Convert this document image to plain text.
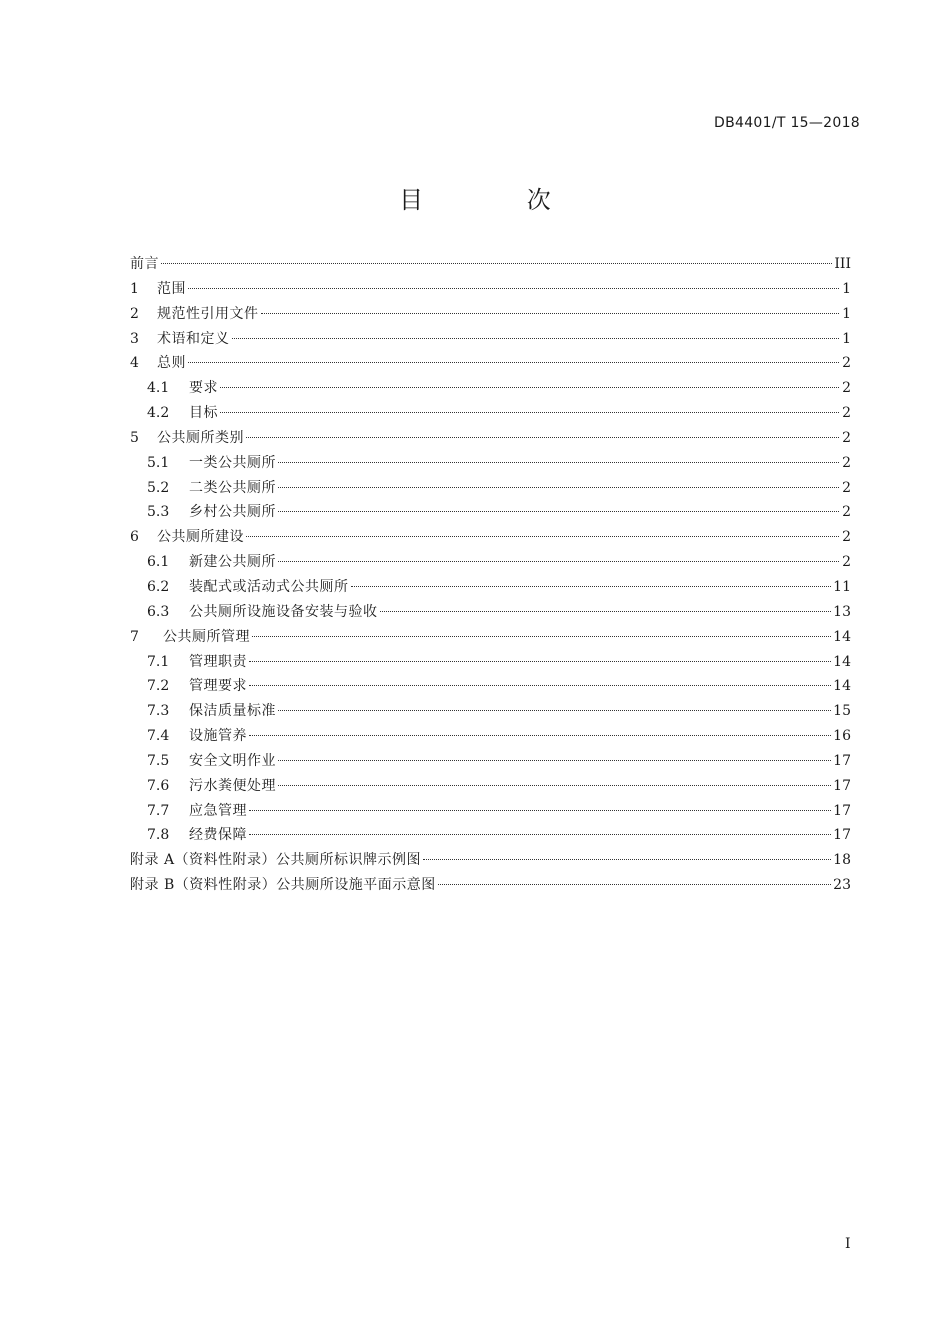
DB4401/T 15—2018
目 次
前言	III
1	范围	1
2	规范性引用文件	1
3	术语和定义	1
4	总则	2
4.1	要求	2
4.2	目标	2
5	公共厕所类别	2
5.1	一类公共厕所	2
5.2	二类公共厕所	2
5.3	乡村公共厕所	2
6	公共厕所建设	2
6.1	新建公共厕所	2
6.2	装配式或活动式公共厕所	11
6.3	公共厕所设施设备安装与验收	13
7	公共厕所管理	14
7.1	管理职责	14
7.2	管理要求	14
7.3	保洁质量标准	15
7.4	设施管养	16
7.5	安全文明作业	17
7.6	污水粪便处理	17
7.7	应急管理	17
7.8	经费保障	17
附录 A（资料性附录）公共厕所标识牌示例图	18
附录 B（资料性附录）公共厕所设施平面示意图	23
I
